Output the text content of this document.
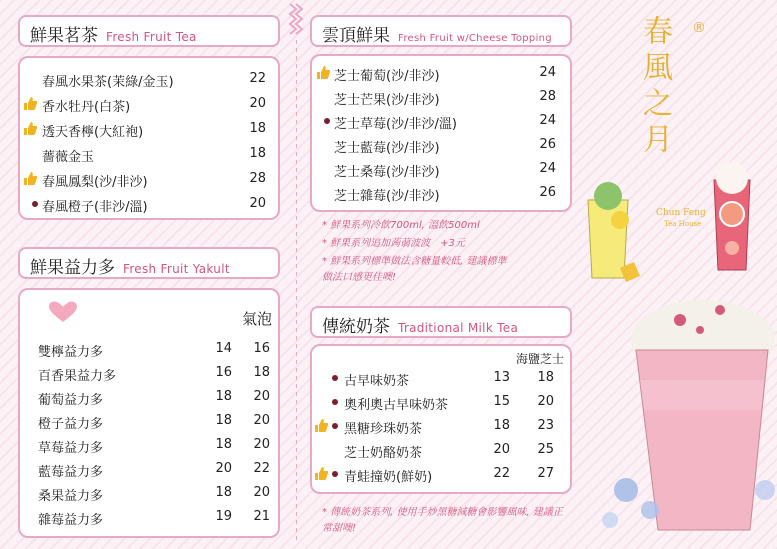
鮮果茗茶 Fresh Fruit Tea
春風水果茶(茉綠/金玉)	22
香水牡丹(白茶)	20
透天香檸(大紅袍)	18
薔薇金玉	18
春風鳳梨(沙/非沙)	28
春風橙子(非沙/溫)	20
鮮果益力多 Fresh Fruit Yakult
氣泡
雙檸益力多	14	16
百香果益力多	16	18
葡萄益力多	18	20
橙子益力多	18	20
草莓益力多	18	20
藍莓益力多	20	22
桑果益力多	18	20
雜莓益力多	19	21
雲頂鮮果 Fresh Fruit w/Cheese Topping
芝士葡萄(沙/非沙)	24
芝士芒果(沙/非沙)	28
芝士草莓(沙/非沙/溫)	24
芝士藍莓(沙/非沙)	26
芝士桑莓(沙/非沙)	24
芝士雜莓(沙/非沙)	26
* 鮮果系列冷飲700ml, 溫飲500ml
* 鮮果系列追加蒟蒻波波　+3元
* 鮮果系列標準做法含糖量較低, 建議標準
做法口感更佳噢!
傳統奶茶 Traditional Milk Tea
海鹽芝士
古早味奶茶	13	18
奧利奧古早味奶茶	15	20
黑糖珍珠奶茶	18	23
芝士奶酪奶茶	20	25
青蛙撞奶(鮮奶)	22	27
* 傳統奶茶系列, 使用手炒黑糖減糖會影響風味, 建議正
常甜噢!
春風之月 ®
Chun Feng
Tea House
